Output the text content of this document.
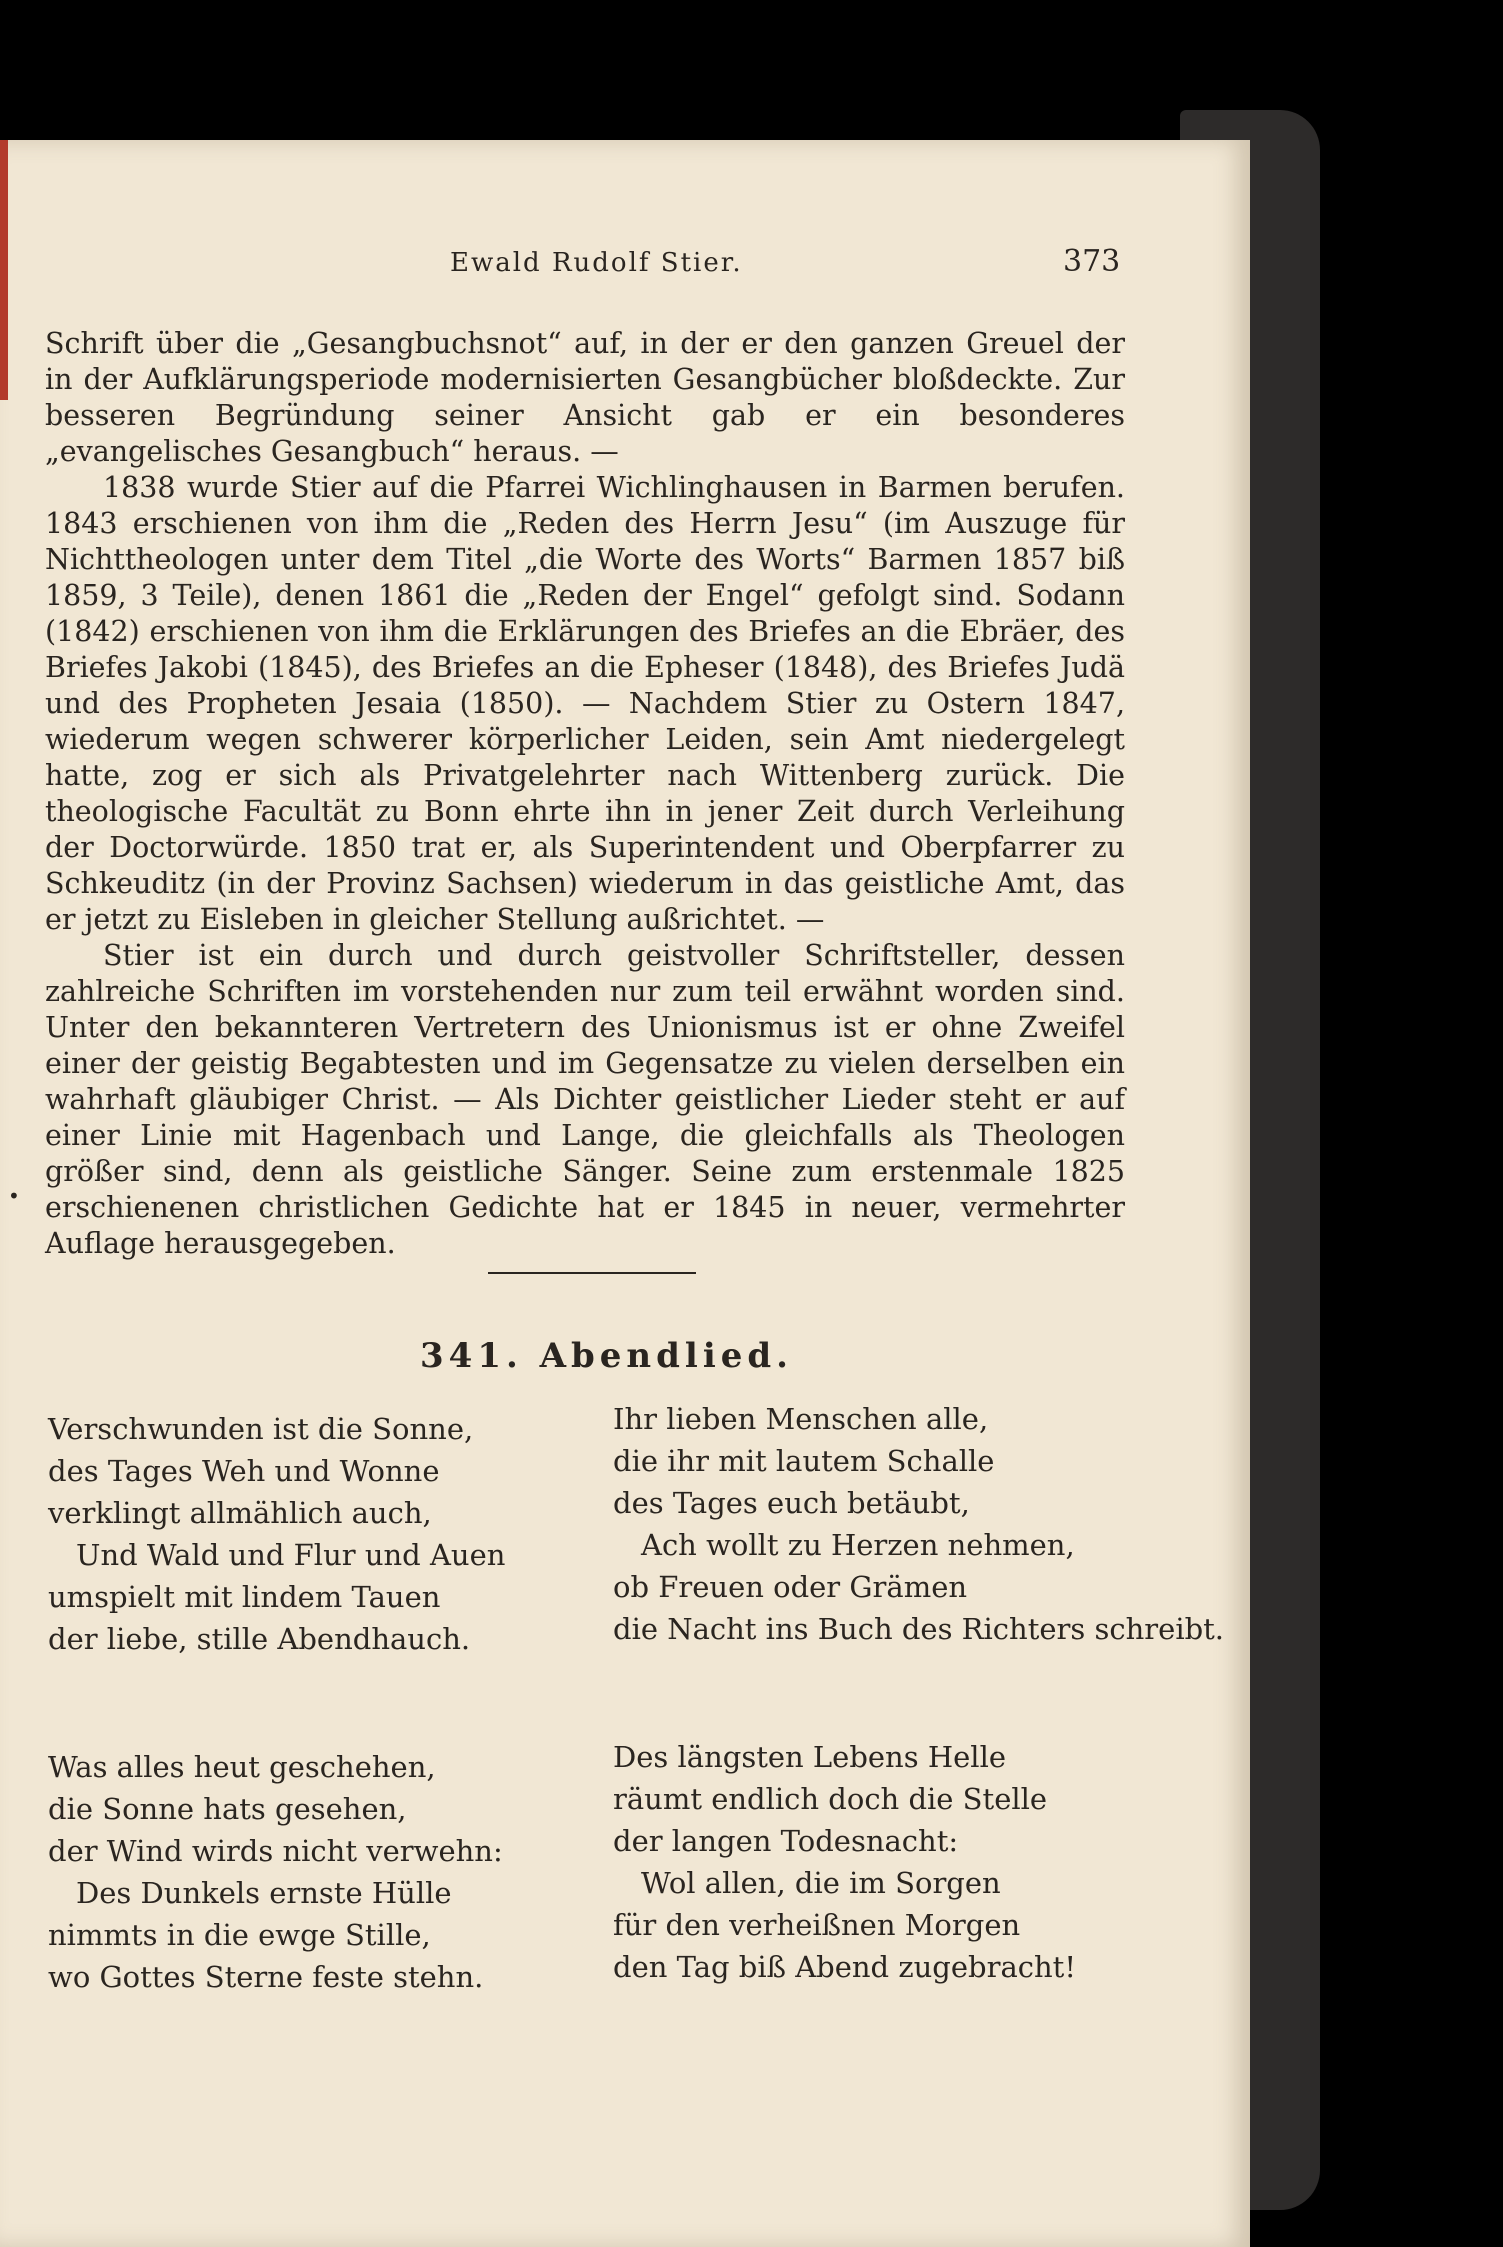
Ewald Rudolf Stier.	373

Schrift über die „Gesangbuchsnot“ auf, in der er den ganzen Greuel der in der Aufklärungsperiode modernisierten Gesangbücher bloßdeckte. Zur besseren Begründung seiner Ansicht gab er ein besonderes „evangelisches Gesangbuch“ heraus. —

1838 wurde Stier auf die Pfarrei Wichlinghausen in Barmen berufen. 1843 erschienen von ihm die „Reden des Herrn Jesu“ (im Auszuge für Nichttheologen unter dem Titel „die Worte des Worts“ Barmen 1857 biß 1859, 3 Teile), denen 1861 die „Reden der Engel“ gefolgt sind. Sodann (1842) erschienen von ihm die Erklärungen des Briefes an die Ebräer, des Briefes Jakobi (1845), des Briefes an die Epheser (1848), des Briefes Judä und des Propheten Jesaia (1850). — Nachdem Stier zu Ostern 1847, wiederum wegen schwerer körperlicher Leiden, sein Amt niedergelegt hatte, zog er sich als Privatgelehrter nach Wittenberg zurück. Die theologische Facultät zu Bonn ehrte ihn in jener Zeit durch Verleihung der Doctorwürde. 1850 trat er, als Superintendent und Oberpfarrer zu Schkeuditz (in der Provinz Sachsen) wiederum in das geistliche Amt, das er jetzt zu Eisleben in gleicher Stellung außrichtet. —

Stier ist ein durch und durch geistvoller Schriftsteller, dessen zahlreiche Schriften im vorstehenden nur zum teil erwähnt worden sind. Unter den bekannteren Vertretern des Unionismus ist er ohne Zweifel einer der geistig Begabtesten und im Gegensatze zu vielen derselben ein wahrhaft gläubiger Christ. — Als Dichter geistlicher Lieder steht er auf einer Linie mit Hagenbach und Lange, die gleichfalls als Theologen größer sind, denn als geistliche Sänger. Seine zum erstenmale 1825 erschienenen christlichen Gedichte hat er 1845 in neuer, vermehrter Auflage herausgegeben.

•
341. Abendlied.
Verschwunden ist die Sonne,
des Tages Weh und Wonne
verklingt allmählich auch,
Und Wald und Flur und Auen
umspielt mit lindem Tauen
der liebe, stille Abendhauch.
Was alles heut geschehen,
die Sonne hats gesehen,
der Wind wirds nicht verwehn:
Des Dunkels ernste Hülle
nimmts in die ewge Stille,
wo Gottes Sterne feste stehn.
Ihr lieben Menschen alle,
die ihr mit lautem Schalle
des Tages euch betäubt,
Ach wollt zu Herzen nehmen,
ob Freuen oder Grämen
die Nacht ins Buch des Richters schreibt.
Des längsten Lebens Helle
räumt endlich doch die Stelle
der langen Todesnacht:
Wol allen, die im Sorgen
für den verheißnen Morgen
den Tag biß Abend zugebracht!
